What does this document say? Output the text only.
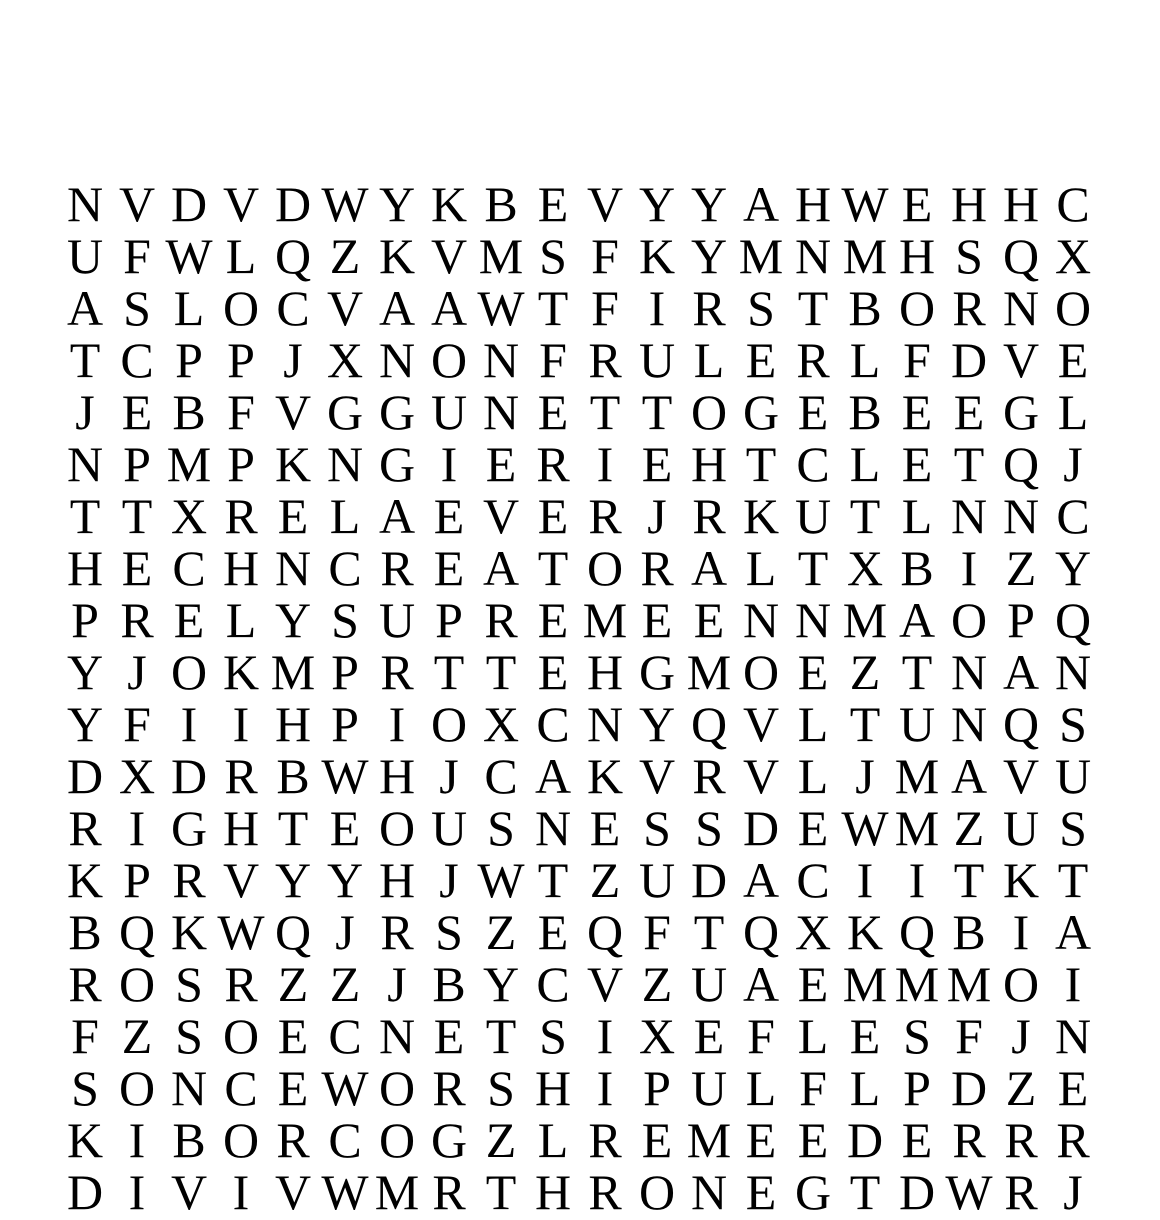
N V D V D W Y K B E V Y Y A H W E H H C
U F W L Q Z K V M S F K Y M N M H S Q X
A S L O C V A A W T F I R S T B O R N O
T C P P J X N O N F R U L E R L F D V E
J E B F V G G U N E T T O G E B E E G L
N P M P K N G I E R I E H T C L E T Q J
T T X R E L A E V E R J R K U T L N N C
H E C H N C R E A T O R A L T X B I Z Y
P R E L Y S U P R E M E E N N M A O P Q
Y J O K M P R T T E H G M O E Z T N A N
Y F I I H P I O X C N Y Q V L T U N Q S
D X D R B W H J C A K V R V L J M A V U
R I G H T E O U S N E S S D E W M Z U S
K P R V Y Y H J W T Z U D A C I I T K T
B Q K W Q J R S Z E Q F T Q X K Q B I A
R O S R Z Z J B Y C V Z U A E M M M O I
F Z S O E C N E T S I X E F L E S F J N
S O N C E W O R S H I P U L F L P D Z E
K I B O R C O G Z L R E M E E D E R R R
D I V I V W M R T H R O N E G T D W R J
